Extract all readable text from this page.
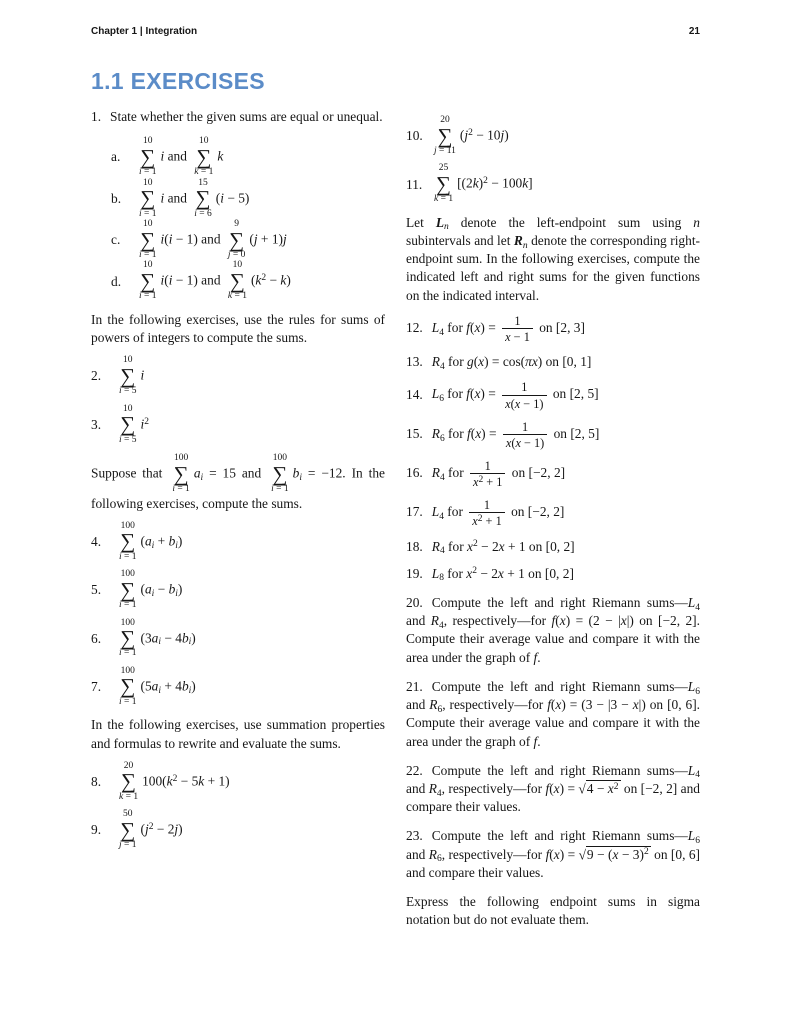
Chapter 1 | Integration	21
1.1 EXERCISES
1. State whether the given sums are equal or unequal.
a.
10
∑
i = 1
i and
10
∑
k = 1
k
b.
10
∑
i = 1
i and
15
∑
i = 6
(i − 5)
c.
10
∑
i = 1
i(i − 1) and
9
∑
j = 0
(j + 1)j
d.
10
∑
i = 1
i(i − 1) and
10
∑
k = 1
$(k^2 - k)$
In the following exercises, use the rules for sums of powers of integers to compute the sums.
2.
10
∑
i = 5
i
3.
10
∑
i = 5
$i^2$
Suppose that
100
∑
i = 1
$a_i = 15$ and
100
∑
i = 1
$b_i = -12$. In the following exercises, compute the sums.
4.
100
∑
i = 1
$(a_i + b_i)$
5.
100
∑
i = 1
$(a_i - b_i)$
6.
100
∑
i = 1
$(3a_i - 4b_i)$
7.
100
∑
i = 1
$(5a_i + 4b_i)$
In the following exercises, use summation properties and formulas to rewrite and evaluate the sums.
8.
20
∑
k = 1
$100(k^2 - 5k + 1)$
9.
50
∑
j = 1
$(j^2 - 2j)$
10.
20
∑
j = 11
$(j^2 - 10j)$
11.
25
∑
k = 1
$[(2k)^2 - 100k]$
Let $L_n$ denote the left-endpoint sum using n subintervals and let $R_n$ denote the corresponding right-endpoint sum. In the following exercises, compute the indicated left and right sums for the given functions on the indicated interval.
12. $L_4$ for $f(x) = \frac{1}{x - 1}$ on [2, 3]
13. $R_4$ for g(x) = cos(πx) on [0, 1]
14. $L_6$ for $f(x) = \frac{1}{x(x - 1)}$ on [2, 5]
15. $R_6$ for $f(x) = \frac{1}{x(x - 1)}$ on [2, 5]
16. $R_4$ for $\frac{1}{x^2 + 1}$ on [−2, 2]
17. $L_4$ for $\frac{1}{x^2 + 1}$ on [−2, 2]
18. $R_4$ for $x^2 - 2x + 1$ on [0, 2]
19. $L_8$ for $x^2 - 2x + 1$ on [0, 2]
20. Compute the left and right Riemann $sums—L_4$ and $R_4$, respectively—for f(x) = (2 − |x|) on [−2, 2]. Compute their average value and compare it with the area under the graph of f.
21. Compute the left and right Riemann $sums—L_6$ and $R_6$, respectively—for f(x) = (3 − |3 − x|) on [0, 6]. Compute their average value and compare it with the area under the graph of f.
22. Compute the left and right Riemann $sums—L_4$ and $R_4$, respectively—for $f(x) = √4 - x^2$ on [−2, 2] and compare their values.
23. Compute the left and right Riemann $sums—L_6$ and $R_6$, respectively—for $f(x) = √9 - (x - 3)^2$ on [0, 6] and compare their values.
Express the following endpoint sums in sigma notation but do not evaluate them.
